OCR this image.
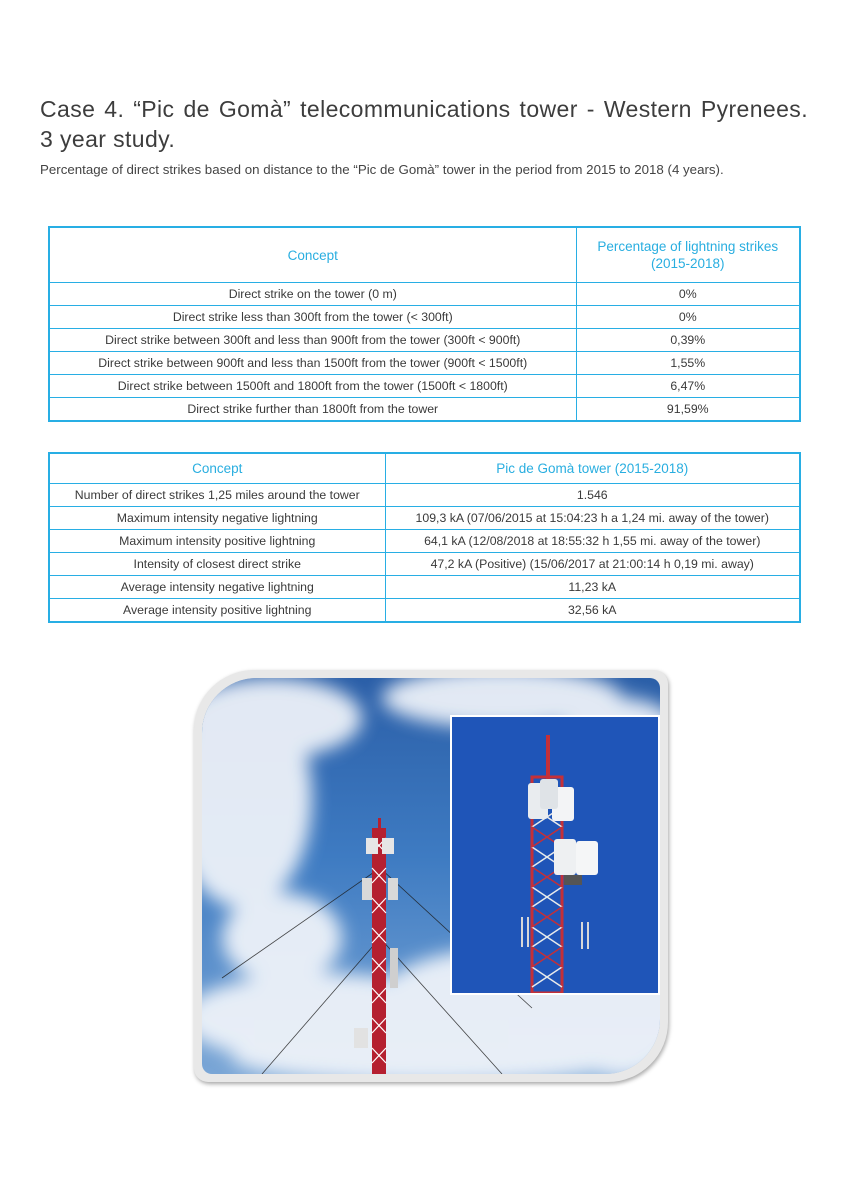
Case 4. “Pic de Gomà” telecommunications tower - Western Pyrenees. 3 year study.

Percentage of direct strikes based on distance to the “Pic de Gomà” tower in the period from 2015 to 2018 (4 years).

Concept	Percentage of lightning strikes (2015-2018)
Direct strike on the tower (0 m)	0%
Direct strike less than 300ft from the tower (< 300ft)	0%
Direct strike between 300ft and less than 900ft from the tower (300ft < 900ft)	0,39%
Direct strike between 900ft and less than 1500ft from the tower (900ft < 1500ft)	1,55%
Direct strike between 1500ft and 1800ft from the tower (1500ft < 1800ft)	6,47%
Direct strike further than 1800ft from the tower	91,59%
Concept	Pic de Gomà tower (2015-2018)
Number of direct strikes 1,25 miles around the tower	1.546
Maximum intensity negative lightning	109,3 kA (07/06/2015 at 15:04:23 h a 1,24 mi. away of the tower)
Maximum intensity positive lightning	64,1 kA (12/08/2018 at 18:55:32 h 1,55 mi. away of the tower)
Intensity of closest direct strike	47,2 kA (Positive) (15/06/2017 at 21:00:14 h 0,19 mi. away)
Average intensity negative lightning	11,23 kA
Average intensity positive lightning	32,56 kA
